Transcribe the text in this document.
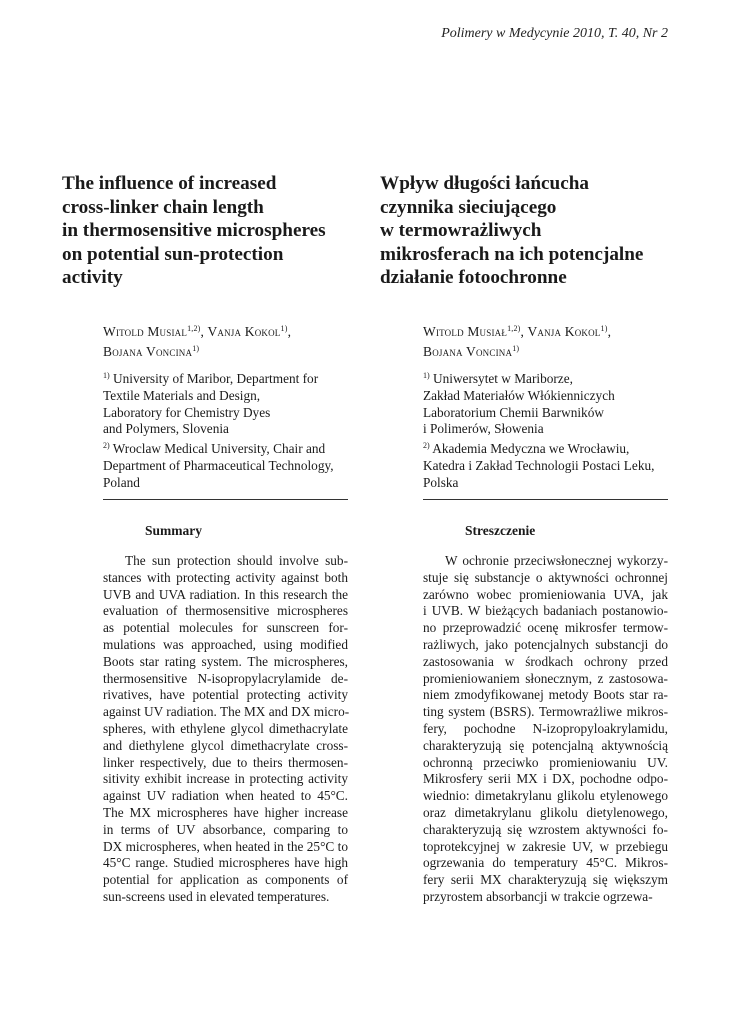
Polimery w Medycynie 2010, T. 40, Nr 2
The influence of increased
cross-linker chain length
in thermosensitive microspheres
on potential sun-protection
activity
Witold Musial$^{1,2)}$, Vanja Kokol$^{1)}$,
Bojana Voncina$^{1)}$
$^{1)}$ University of Maribor, Department for
Textile Materials and Design,
Laboratory for Chemistry Dyes
and Polymers, Slovenia
$^{2)}$ Wroclaw Medical University, Chair and
Department of Pharmaceutical Technology,
Poland
Summary
The sun protection should involve sub-
stances with protecting activity against both
UVB and UVA radiation. In this research the
evaluation of thermosensitive microspheres
as potential molecules for sunscreen for-
mulations was approached, using modified
Boots star rating system. The microspheres,
thermosensitive N-isopropylacrylamide de-
rivatives, have potential protecting activity
against UV radiation. The MX and DX micro-
spheres, with ethylene glycol dimethacrylate
and diethylene glycol dimethacrylate cross-
linker respectively, due to theirs thermosen-
sitivity exhibit increase in protecting activity
against UV radiation when heated to 45°C.
The MX microspheres have higher increase
in terms of UV absorbance, comparing to
DX microspheres, when heated in the 25°C to
45°C range. Studied microspheres have high
potential for application as components of
sun-screens used in elevated temperatures.
Wpływ długości łańcucha
czynnika sieciującego
w termowrażliwych
mikrosferach na ich potencjalne
działanie fotoochronne
Witold Musiał$^{1,2)}$, Vanja Kokol$^{1)}$,
Bojana Voncina$^{1)}$
$^{1)}$ Uniwersytet w Mariborze,
Zakład Materiałów Włókienniczych
Laboratorium Chemii Barwników
i Polimerów, Słowenia
$^{2)}$ Akademia Medyczna we Wrocławiu,
Katedra i Zakład Technologii Postaci Leku,
Polska
Streszczenie
W ochronie przeciwsłonecznej wykorzy-
stuje się substancje o aktywności ochronnej
zarówno wobec promieniowania UVA, jak
i UVB. W bieżących badaniach postanowio-
no przeprowadzić ocenę mikrosfer termow-
rażliwych, jako potencjalnych substancji do
zastosowania w środkach ochrony przed
promieniowaniem słonecznym, z zastosowa-
niem zmodyfikowanej metody Boots star ra-
ting system (BSRS). Termowrażliwe mikros-
fery, pochodne N-izopropyloakrylamidu,
charakteryzują się potencjalną aktywnością
ochronną przeciwko promieniowaniu UV.
Mikrosfery serii MX i DX, pochodne odpo-
wiednio: dimetakrylanu glikolu etylenowego
oraz dimetakrylanu glikolu dietylenowego,
charakteryzują się wzrostem aktywności fo-
toprotekcyjnej w zakresie UV, w przebiegu
ogrzewania do temperatury 45°C. Mikros-
fery serii MX charakteryzują się większym
przyrostem absorbancji w trakcie ogrzewa-
